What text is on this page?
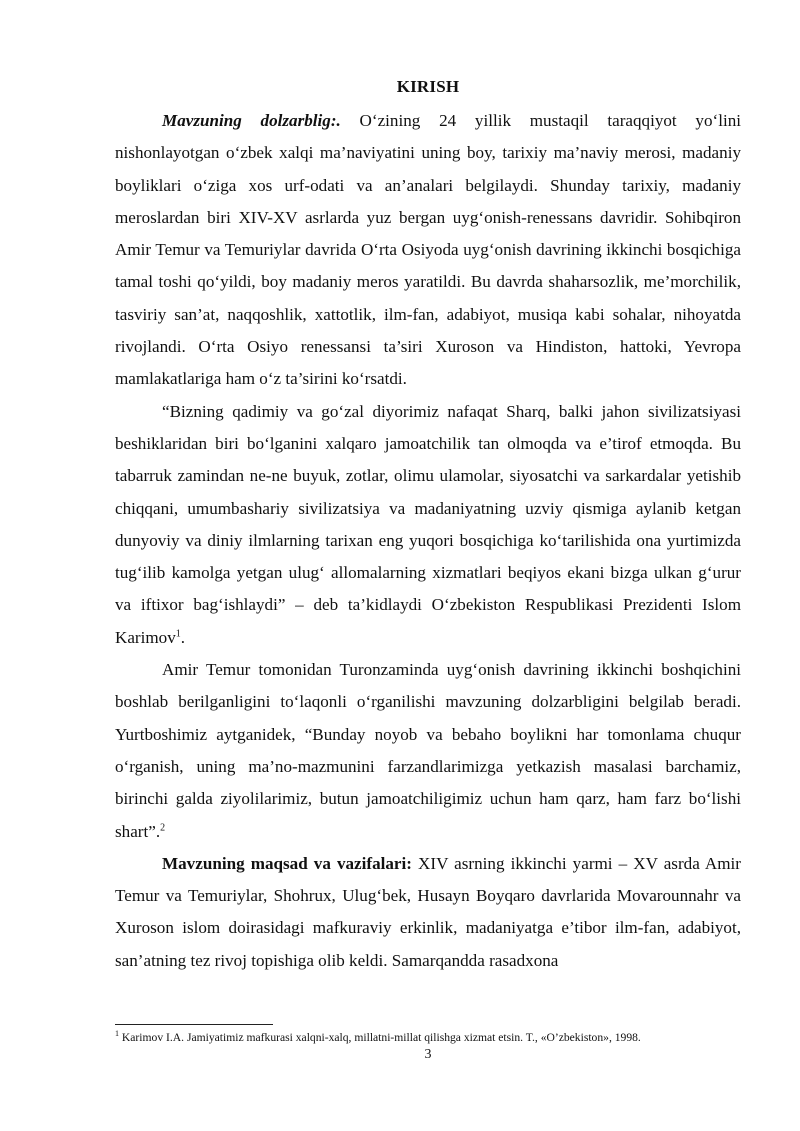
KIRISH

Mavzuning dolzarblig:. O‘zining 24 yillik mustaqil taraqqiyot yo‘lini nishonlayotgan o‘zbek xalqi ma’naviyatini uning boy, tarixiy ma’naviy merosi, madaniy boyliklari o‘ziga xos urf-odati va an’analari belgilaydi. Shunday tarixiy, madaniy meroslardan biri XIV-XV asrlarda yuz bergan uyg‘onish-renessans davridir. Sohibqiron Amir Temur va Temuriylar davrida O‘rta Osiyoda uyg‘onish davrining ikkinchi bosqichiga tamal toshi qo‘yildi, boy madaniy meros yaratildi. Bu davrda shaharsozlik, me’morchilik, tasviriy san’at, naqqoshlik, xattotlik, ilm-fan, adabiyot, musiqa kabi sohalar, nihoyatda rivojlandi. O‘rta Osiyo renessansi ta’siri Xuroson va Hindiston, hattoki, Yevropa mamlakatlariga ham o‘z ta’sirini ko‘rsatdi.

“Bizning qadimiy va go‘zal diyorimiz nafaqat Sharq, balki jahon sivilizatsiyasi beshiklaridan biri bo‘lganini xalqaro jamoatchilik tan olmoqda va e’tirof etmoqda. Bu tabarruk zamindan ne-ne buyuk, zotlar, olimu ulamolar, siyosatchi va sarkardalar yetishib chiqqani, umumbashariy sivilizatsiya va madaniyatning uzviy qismiga aylanib ketgan dunyoviy va diniy ilmlarning tarixan eng yuqori bosqichiga ko‘tarilishida ona yurtimizda tug‘ilib kamolga yetgan ulug‘ allomalarning xizmatlari beqiyos ekani bizga ulkan g‘urur va iftixor bag‘ishlaydi” – deb ta’kidlaydi O‘zbekiston Respublikasi Prezidenti Islom Karimov$^1$.

Amir Temur tomonidan Turonzaminda uyg‘onish davrining ikkinchi boshqichini boshlab berilganligini to‘laqonli o‘rganilishi mavzuning dolzarbligini belgilab beradi. Yurtboshimiz aytganidek, “Bunday noyob va bebaho boylikni har tomonlama chuqur o‘rganish, uning ma’no-mazmunini farzandlarimizga yetkazish masalasi barchamiz, birinchi galda ziyolilarimiz, butun jamoatchiligimiz uchun ham qarz, ham farz bo‘lishi shart”.$^2$

Mavzuning maqsad va vazifalari: XIV asrning ikkinchi yarmi – XV asrda Amir Temur va Temuriylar, Shohrux, Ulug‘bek, Husayn Boyqaro davrlarida Movarounnahr va Xuroson islom doirasidagi mafkuraviy erkinlik, madaniyatga e’tibor ilm-fan, adabiyot, san’atning tez rivoj topishiga olib keldi. Samarqandda rasadxona

$^1$ Karimov I.A. Jamiyatimiz mafkurasi xalqni-xalq, millatni-millat qilishga xizmat etsin. T., «O’zbekiston», 1998.
3
